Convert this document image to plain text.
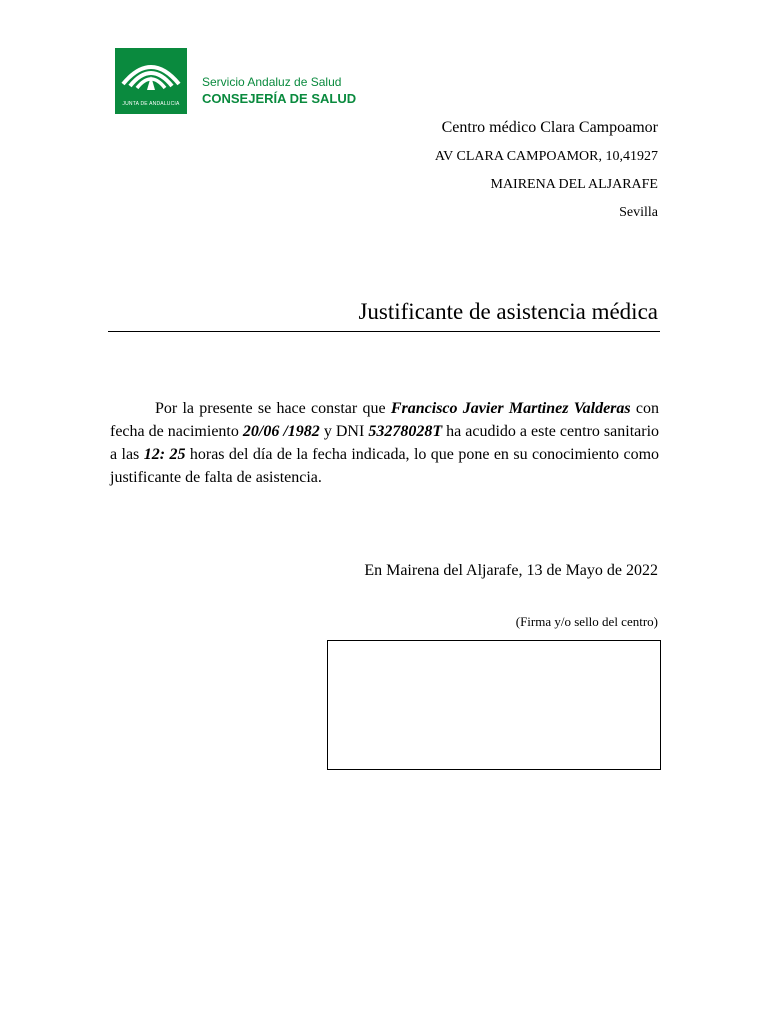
JUNTA DE ANDALUCIA
Servicio Andaluz de Salud
CONSEJERÍA DE SALUD
Centro médico Clara Campoamor
AV CLARA CAMPOAMOR, 10,41927
MAIRENA DEL ALJARAFE
Sevilla
Justificante de asistencia médica
Por la presente se hace constar que Francisco Javier Martinez Valderas con fecha de nacimiento 20/06 /1982 y DNI 53278028T ha acudido a este centro sanitario a las 12: 25 horas del día de la fecha indicada, lo que pone en su conocimiento como justificante de falta de asistencia.
En Mairena del Aljarafe, 13 de Mayo de 2022
(Firma y/o sello del centro)
